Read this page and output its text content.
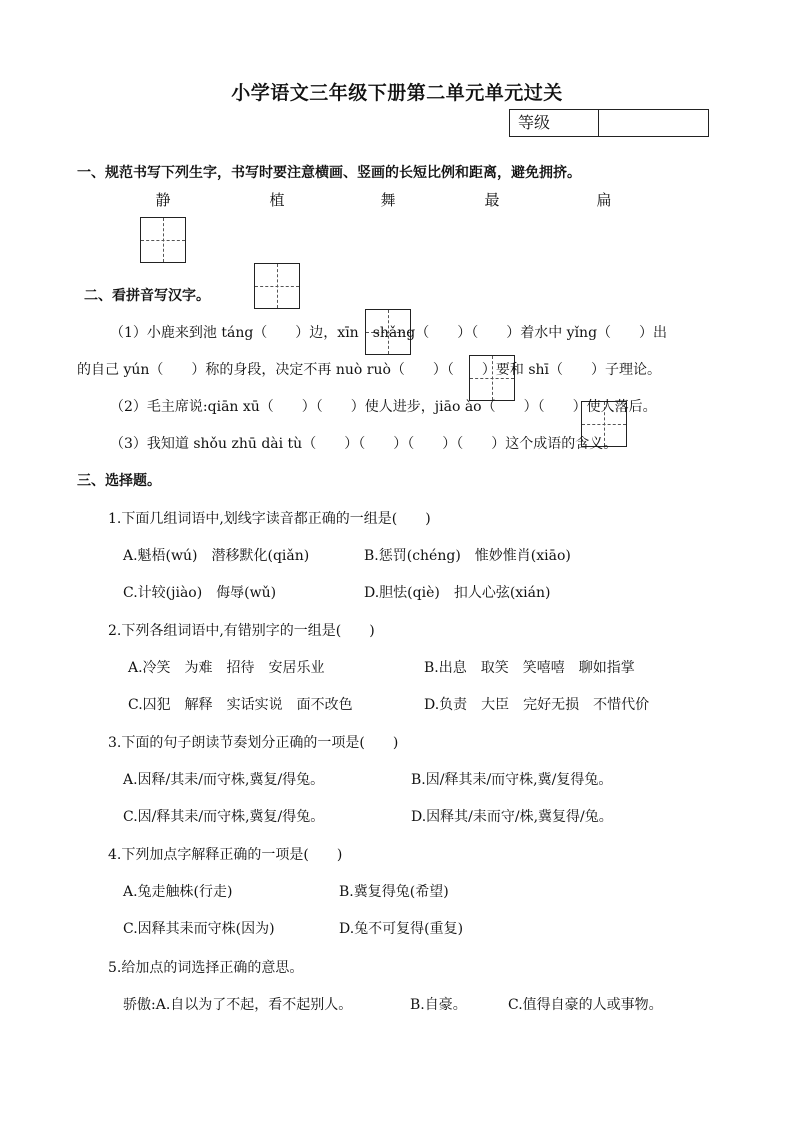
小学语文三年级下册第二单元单元过关
等级
一、规范书写下列生字，书写时要注意横画、竖画的长短比例和距离，避免拥挤。
静	植	舞	最	扁
二、看拼音写汉字。
（1）小鹿来到池 táng（　　）边，xīn　shǎng（　　）（　　）着水中 yǐng（　　）出
的自己 yún（　　）称的身段，决定不再 nuò ruò（　　）（　　）要和 shī（　　）子理论。
（2）毛主席说:qiān xū（　　）（　　）使人进步，jiāo ào（　　）（　　）使人落后。
（3）我知道 shǒu zhū dài tù（　　）（　　）（　　）（　　）这个成语的含义。
三、选择题。
1.下面几组词语中,划线字读音都正确的一组是(　　)
A.魁梧(wú)　潜移默化(qiǎn)	B.惩罚(chéng)　惟妙惟肖(xiāo)
C.计较(jiào)　侮辱(wǔ)	D.胆怯(qiè)　扣人心弦(xián)
2.下列各组词语中,有错别字的一组是(　　)
A.冷笑　为难　招待　安居乐业	B.出息　取笑　笑嘻嘻　聊如指掌
C.囚犯　解释　实话实说　面不改色	D.负责　大臣　完好无损　不惜代价
3.下面的句子朗读节奏划分正确的一项是(　　)
A.因释/其耒/而守株,冀复/得兔。	B.因/释其耒/而守株,冀/复得兔。
C.因/释其耒/而守株,冀复/得兔。	D.因释其/耒而守/株,冀复得/兔。
4.下列加点字解释正确的一项是(　　)
A.兔走触株(行走)	B.冀复得兔(希望)
C.因释其耒而守株(因为)	D.兔不可复得(重复)
5.给加点的词选择正确的意思。
骄傲:A.自以为了不起，看不起别人。	B.自豪。	C.值得自豪的人或事物。
